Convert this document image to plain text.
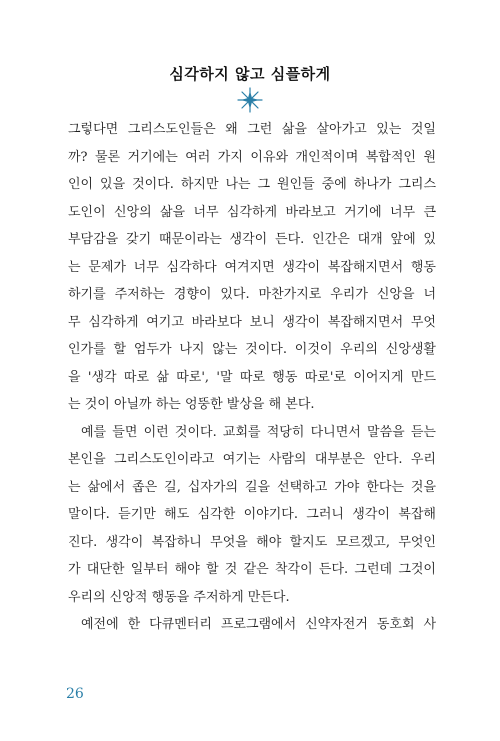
심각하지 않고 심플하게
그렇다면 그리스도인들은 왜 그런 삶을 살아가고 있는 것일
까? 물론 거기에는 여러 가지 이유와 개인적이며 복합적인 원
인이 있을 것이다. 하지만 나는 그 원인들 중에 하나가 그리스
도인이 신앙의 삶을 너무 심각하게 바라보고 거기에 너무 큰
부담감을 갖기 때문이라는 생각이 든다. 인간은 대개 앞에 있
는 문제가 너무 심각하다 여겨지면 생각이 복잡해지면서 행동
하기를 주저하는 경향이 있다. 마찬가지로 우리가 신앙을 너
무 심각하게 여기고 바라보다 보니 생각이 복잡해지면서 무엇
인가를 할 엄두가 나지 않는 것이다. 이것이 우리의 신앙생활
을 '생각 따로 삶 따로', '말 따로 행동 따로'로 이어지게 만드
는 것이 아닐까 하는 엉뚱한 발상을 해 본다.
예를 들면 이런 것이다. 교회를 적당히 다니면서 말씀을 듣는
본인을 그리스도인이라고 여기는 사람의 대부분은 안다. 우리
는 삶에서 좁은 길, 십자가의 길을 선택하고 가야 한다는 것을
말이다. 듣기만 해도 심각한 이야기다. 그러니 생각이 복잡해
진다. 생각이 복잡하니 무엇을 해야 할지도 모르겠고, 무엇인
가 대단한 일부터 해야 할 것 같은 착각이 든다. 그런데 그것이
우리의 신앙적 행동을 주저하게 만든다.
예전에 한 다큐멘터리 프로그램에서 신약자전거 동호회 사
26
